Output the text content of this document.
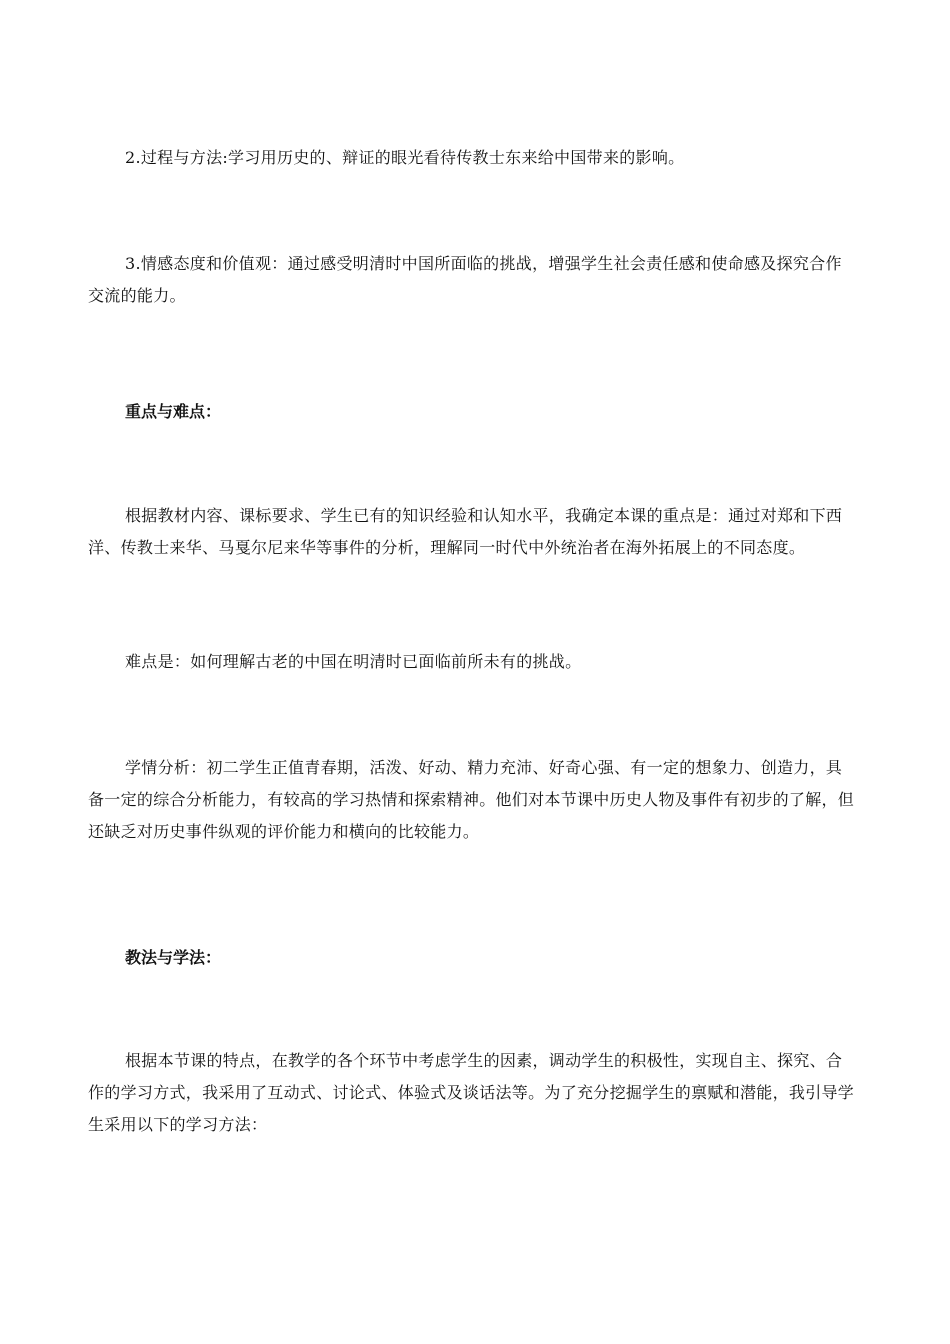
2.过程与方法:学习用历史的、辩证的眼光看待传教士东来给中国带来的影响。

3.情感态度和价值观：通过感受明清时中国所面临的挑战，增强学生社会责任感和使命感及探究合作交流的能力。

重点与难点：

根据教材内容、课标要求、学生已有的知识经验和认知水平，我确定本课的重点是：通过对郑和下西洋、传教士来华、马戛尔尼来华等事件的分析，理解同一时代中外统治者在海外拓展上的不同态度。

难点是：如何理解古老的中国在明清时已面临前所未有的挑战。

学情分析：初二学生正值青春期，活泼、好动、精力充沛、好奇心强、有一定的想象力、创造力，具备一定的综合分析能力，有较高的学习热情和探索精神。他们对本节课中历史人物及事件有初步的了解，但还缺乏对历史事件纵观的评价能力和横向的比较能力。

教法与学法：

根据本节课的特点，在教学的各个环节中考虑学生的因素，调动学生的积极性，实现自主、探究、合作的学习方式，我采用了互动式、讨论式、体验式及谈话法等。为了充分挖掘学生的禀赋和潜能，我引导学生采用以下的学习方法：
